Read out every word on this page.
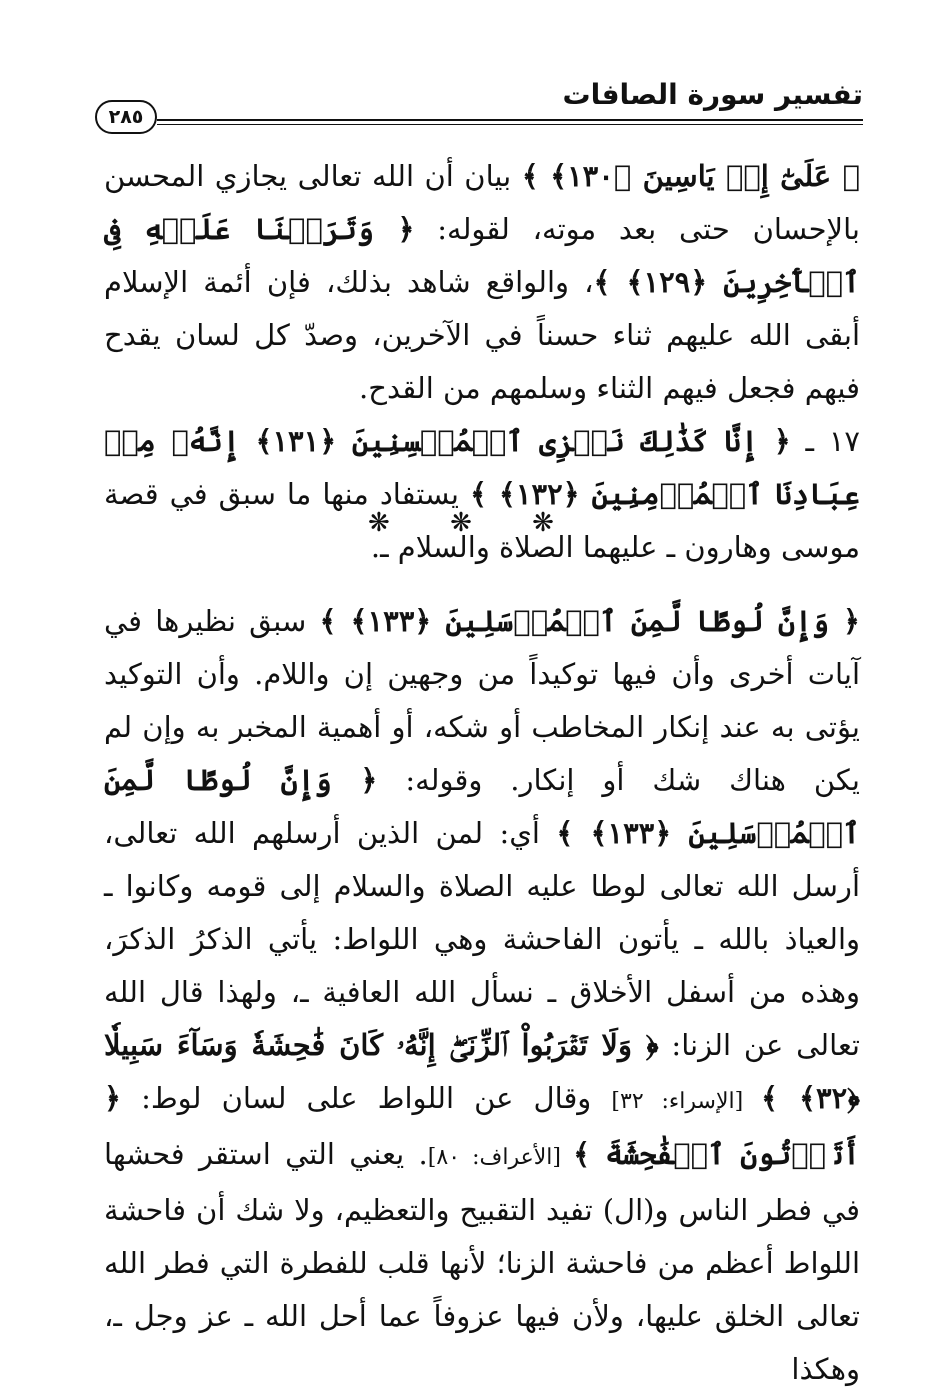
تفسير سورة الصافات
٢٨٥

﴿ عَلَىٰٓ إِلۡ يَاسِينَ ﴿١٣٠﴾ ﴾ بيان أن الله تعالى يجازي المحسن بالإحسان حتى بعد موته، لقوله: ﴿ وَتَرَكۡنَا عَلَيۡهِ فِى ٱلۡأٓخِرِينَ ﴿١٢٩﴾ ﴾، والواقع شاهد بذلك، فإن أئمة الإسلام أبقى الله عليهم ثناء حسناً في الآخرين، وصدّ كل لسان يقدح فيهم فجعل فيهم الثناء وسلمهم من القدح.

١٧ ـ ﴿ إِنَّا كَذَٰلِكَ نَجۡزِى ٱلۡمُحۡسِنِينَ ﴿١٣١﴾ إِنَّهُۥ مِنۡ عِبَادِنَا ٱلۡمُؤۡمِنِينَ ﴿١٣٢﴾ ﴾ يستفاد منها ما سبق في قصة موسى وهارون ـ عليهما الصلاة والسلام ـ.

❋ ❋ ❋

﴿ وَإِنَّ لُوطًا لَّمِنَ ٱلۡمُرۡسَلِينَ ﴿١٣٣﴾ ﴾ سبق نظيرها في آيات أخرى وأن فيها توكيداً من وجهين إن واللام. وأن التوكيد يؤتى به عند إنكار المخاطب أو شكه، أو أهمية المخبر به وإن لم يكن هناك شك أو إنكار. وقوله: ﴿ وَإِنَّ لُوطًا لَّمِنَ ٱلۡمُرۡسَلِينَ ﴿١٣٣﴾ ﴾ أي: لمن الذين أرسلهم الله تعالى، أرسل الله تعالى لوطا عليه الصلاة والسلام إلى قومه وكانوا ـ والعياذ بالله ـ يأتون الفاحشة وهي اللواط: يأتي الذكرُ الذكرَ، وهذه من أسفل الأخلاق ـ نسأل الله العافية ـ، ولهذا قال الله تعالى عن الزنا: ﴿ وَلَا تَقۡرَبُواْ ٱلزِّنَىٰٓۖ إِنَّهُۥ كَانَ فَٰحِشَةٗ وَسَآءَ سَبِيلٗا ﴿٣٢﴾ ﴾ [الإسراء: ٣٢] وقال عن اللواط على لسان لوط: ﴿ أَتَأۡتُونَ ٱلۡفَٰحِشَةَ ﴾ [الأعراف: ٨٠]. يعني التي استقر فحشها في فطر الناس و(ال) تفيد التقبيح والتعظيم، ولا شك أن فاحشة اللواط أعظم من فاحشة الزنا؛ لأنها قلب للفطرة التي فطر الله تعالى الخلق عليها، ولأن فيها عزوفاً عما أحل الله ـ عز وجل ـ، وهكذا
